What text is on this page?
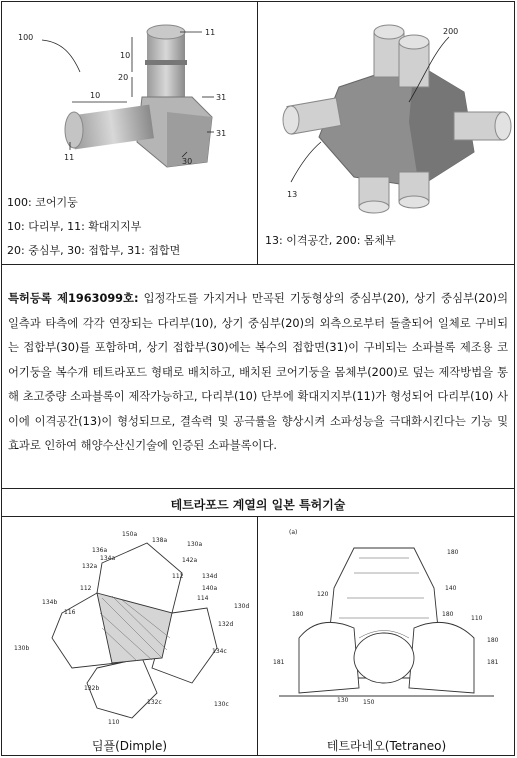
100
10
11
20
31
10
31
30
11
100: 코어기둥
10: 다리부, 11: 확대지지부
20: 중심부, 30: 접합부, 31: 접합면
200
13
13: 이격공간, 200: 몸체부
특허등록 제1963099호: 입정각도를 가지거나 만곡된 기둥형상의 중심부(20), 상기 중심부(20)의 일측과 타측에 각각 연장되는 다리부(10), 상기 중심부(20)의 외측으로부터 돌출되어 일체로 구비되는 접합부(30)를 포함하며, 상기 접합부(30)에는 복수의 접합면(31)이 구비되는 소파블록 제조용 코어기둥을 복수개 테트라포드 형태로 배치하고, 배치된 코어기둥을 몸체부(200)로 덮는 제작방법을 통해 초고중량 소파블록이 제작가능하고, 다리부(10) 단부에 확대지지부(11)가 형성되어 다리부(10) 사이에 이격공간(13)이 형성되므로, 결속력 및 공극률을 향상시켜 소파성능을 극대화시킨다는 기능 및 효과로 인하여 해양수산신기술에 인증된 소파블록이다.
테트라포드 계열의 일본 특허기술
150a
138a
130a
136a
134a	142a
132a
112	134d
112	140a
114
130d
134b
116
132d
130b	134c
132b
132c	130c
110
딤플(Dimple)
(a)
180
140
120
180
110
180
181
180
181
130 150
테트라네오(Tetraneo)
